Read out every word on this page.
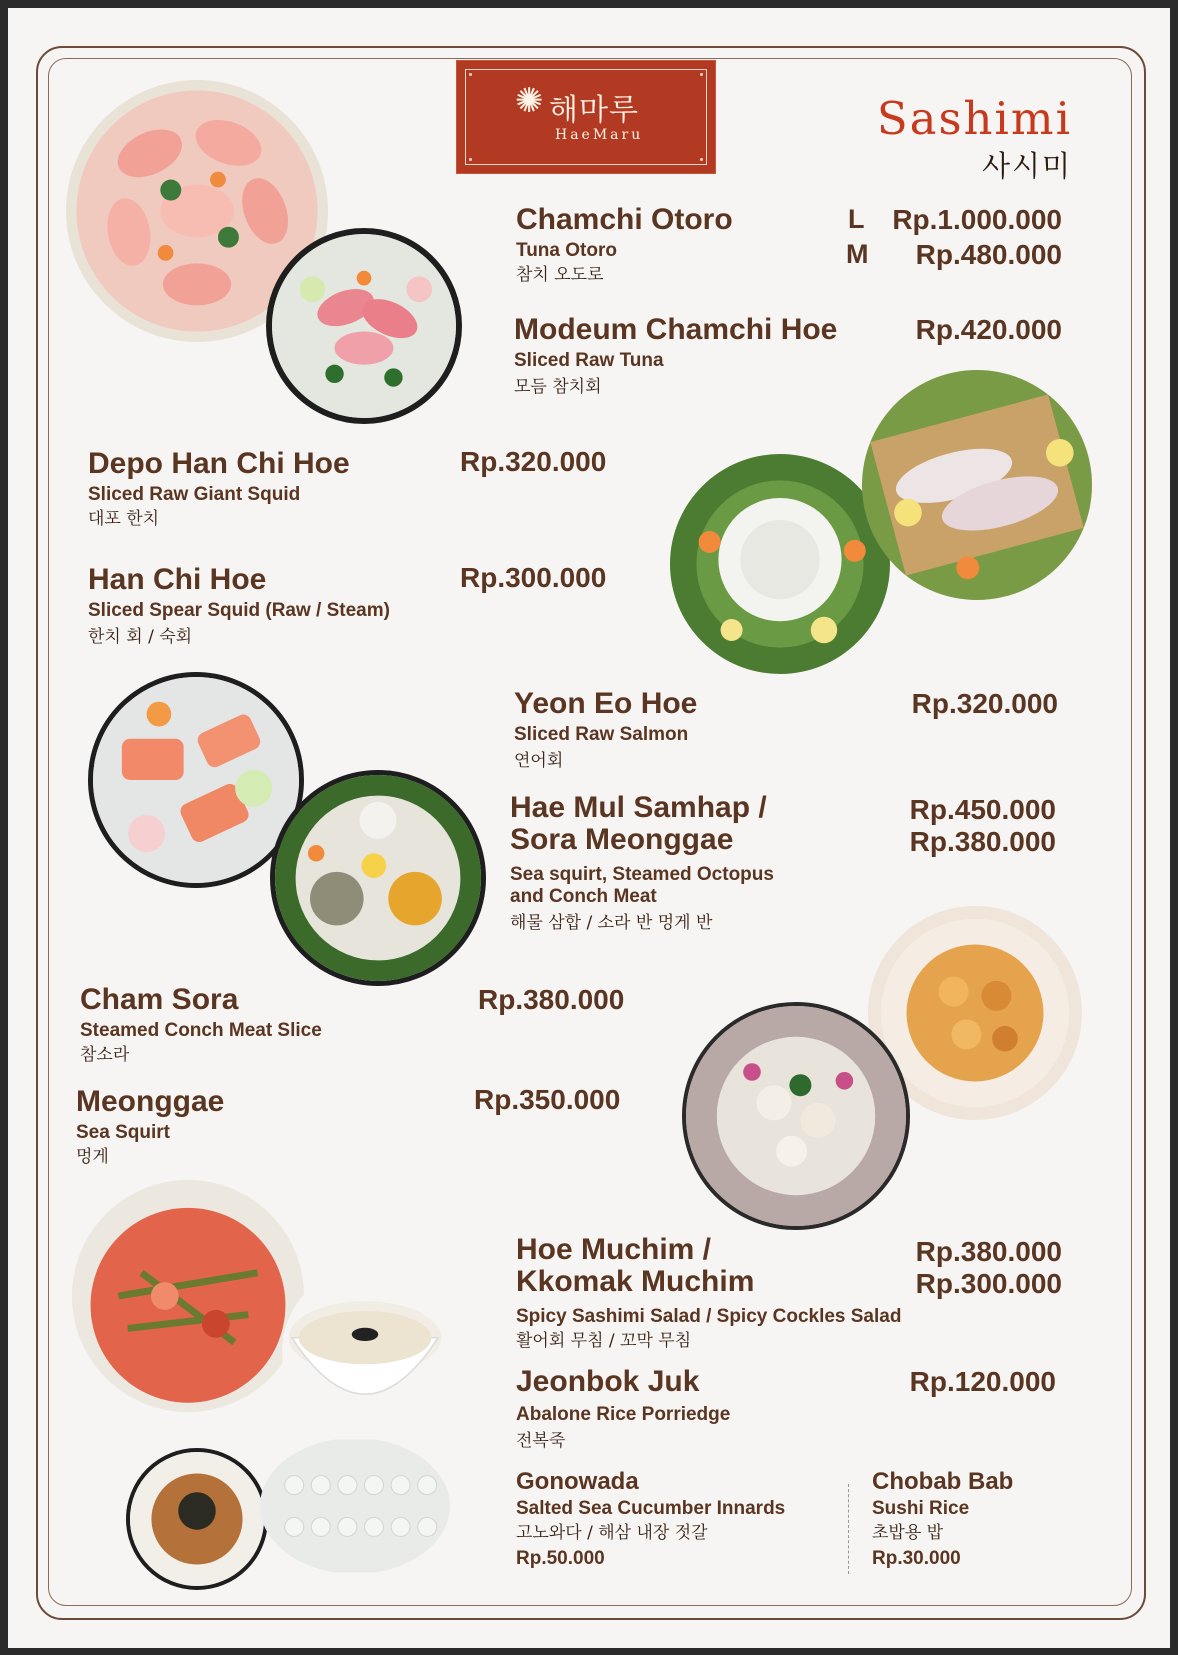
✺ 해마루
HaeMaru	Sashimi
사시미
Chamchi Otoro
Tuna Otoro
참치 오도로
L Rp.1.000.000
M Rp.480.000
Modeum Chamchi Hoe
Sliced Raw Tuna
모듬 참치회
Rp.420.000
Depo Han Chi Hoe
Sliced Raw Giant Squid
대포 한치
Rp.320.000
Han Chi Hoe
Sliced Spear Squid (Raw / Steam)
한치 회 / 숙회
Rp.300.000
Yeon Eo Hoe
Sliced Raw Salmon
연어회
Rp.320.000
Hae Mul Samhap /
Sora Meonggae
Sea squirt, Steamed Octopus
and Conch Meat
해물 삼합 / 소라 반 멍게 반
Rp.450.000
Rp.380.000
Cham Sora
Steamed Conch Meat Slice
참소라
Rp.380.000
Meonggae
Sea Squirt
멍게
Rp.350.000
Hoe Muchim /
Kkomak Muchim
Spicy Sashimi Salad / Spicy Cockles Salad
활어회 무침 / 꼬막 무침
Rp.380.000
Rp.300.000
Jeonbok Juk
Abalone Rice Porriedge
전복죽
Rp.120.000
Gonowada
Salted Sea Cucumber Innards
고노와다 / 해삼 내장 젓갈
Rp.50.000
Chobab Bab
Sushi Rice
초밥용 밥
Rp.30.000
